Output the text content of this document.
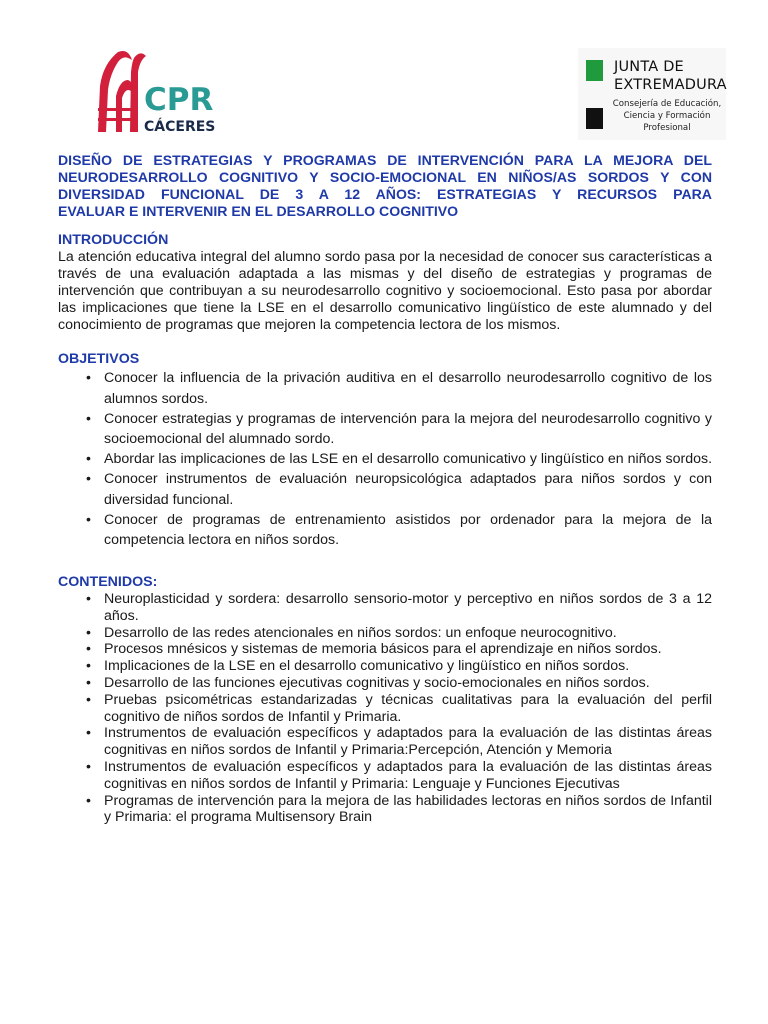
CPR
CÁCERES
JUNTA DE
EXTREMADURA
Consejería de Educación,
Ciencia y Formación
Profesional
DISEÑO DE ESTRATEGIAS Y PROGRAMAS DE INTERVENCIÓN PARA LA MEJORA DEL
NEURODESARROLLO COGNITIVO Y SOCIO-EMOCIONAL EN NIÑOS/AS SORDOS Y CON
DIVERSIDAD FUNCIONAL DE 3 A 12 AÑOS: ESTRATEGIAS Y RECURSOS PARA
EVALUAR E INTERVENIR EN EL DESARROLLO COGNITIVO
INTRODUCCIÓN

La atención educativa integral del alumno sordo pasa por la necesidad de conocer sus características a través de una evaluación adaptada a las mismas y del diseño de estrategias y programas de intervención que contribuyan a su neurodesarrollo cognitivo y socioemocional. Esto pasa por abordar las implicaciones que tiene la LSE en el desarrollo comunicativo lingüístico de este alumnado y del conocimiento de programas que mejoren la competencia lectora de los mismos.

OBJETIVOS
• Conocer la influencia de la privación auditiva en el desarrollo neurodesarrollo cognitivo de los alumnos sordos.
• Conocer estrategias y programas de intervención para la mejora del neurodesarrollo cognitivo y socioemocional del alumnado sordo.
• Abordar las implicaciones de las LSE en el desarrollo comunicativo y lingüístico en niños sordos.
• Conocer instrumentos de evaluación neuropsicológica adaptados para niños sordos y con diversidad funcional.
• Conocer de programas de entrenamiento asistidos por ordenador para la mejora de la competencia lectora en niños sordos.
CONTENIDOS:
• Neuroplasticidad y sordera: desarrollo sensorio-motor y perceptivo en niños sordos de 3 a 12 años.
• Desarrollo de las redes atencionales en niños sordos: un enfoque neurocognitivo.
• Procesos mnésicos y sistemas de memoria básicos para el aprendizaje en niños sordos.
• Implicaciones de la LSE en el desarrollo comunicativo y lingüístico en niños sordos.
• Desarrollo de las funciones ejecutivas cognitivas y socio-emocionales en niños sordos.
• Pruebas psicométricas estandarizadas y técnicas cualitativas para la evaluación del perfil cognitivo de niños sordos de Infantil y Primaria.
• Instrumentos de evaluación específicos y adaptados para la evaluación de las distintas áreas cognitivas en niños sordos de Infantil y Primaria:Percepción, Atención y Memoria
• Instrumentos de evaluación específicos y adaptados para la evaluación de las distintas áreas cognitivas en niños sordos de Infantil y Primaria: Lenguaje y Funciones Ejecutivas
• Programas de intervención para la mejora de las habilidades lectoras en niños sordos de Infantil y Primaria: el programa Multisensory Brain
